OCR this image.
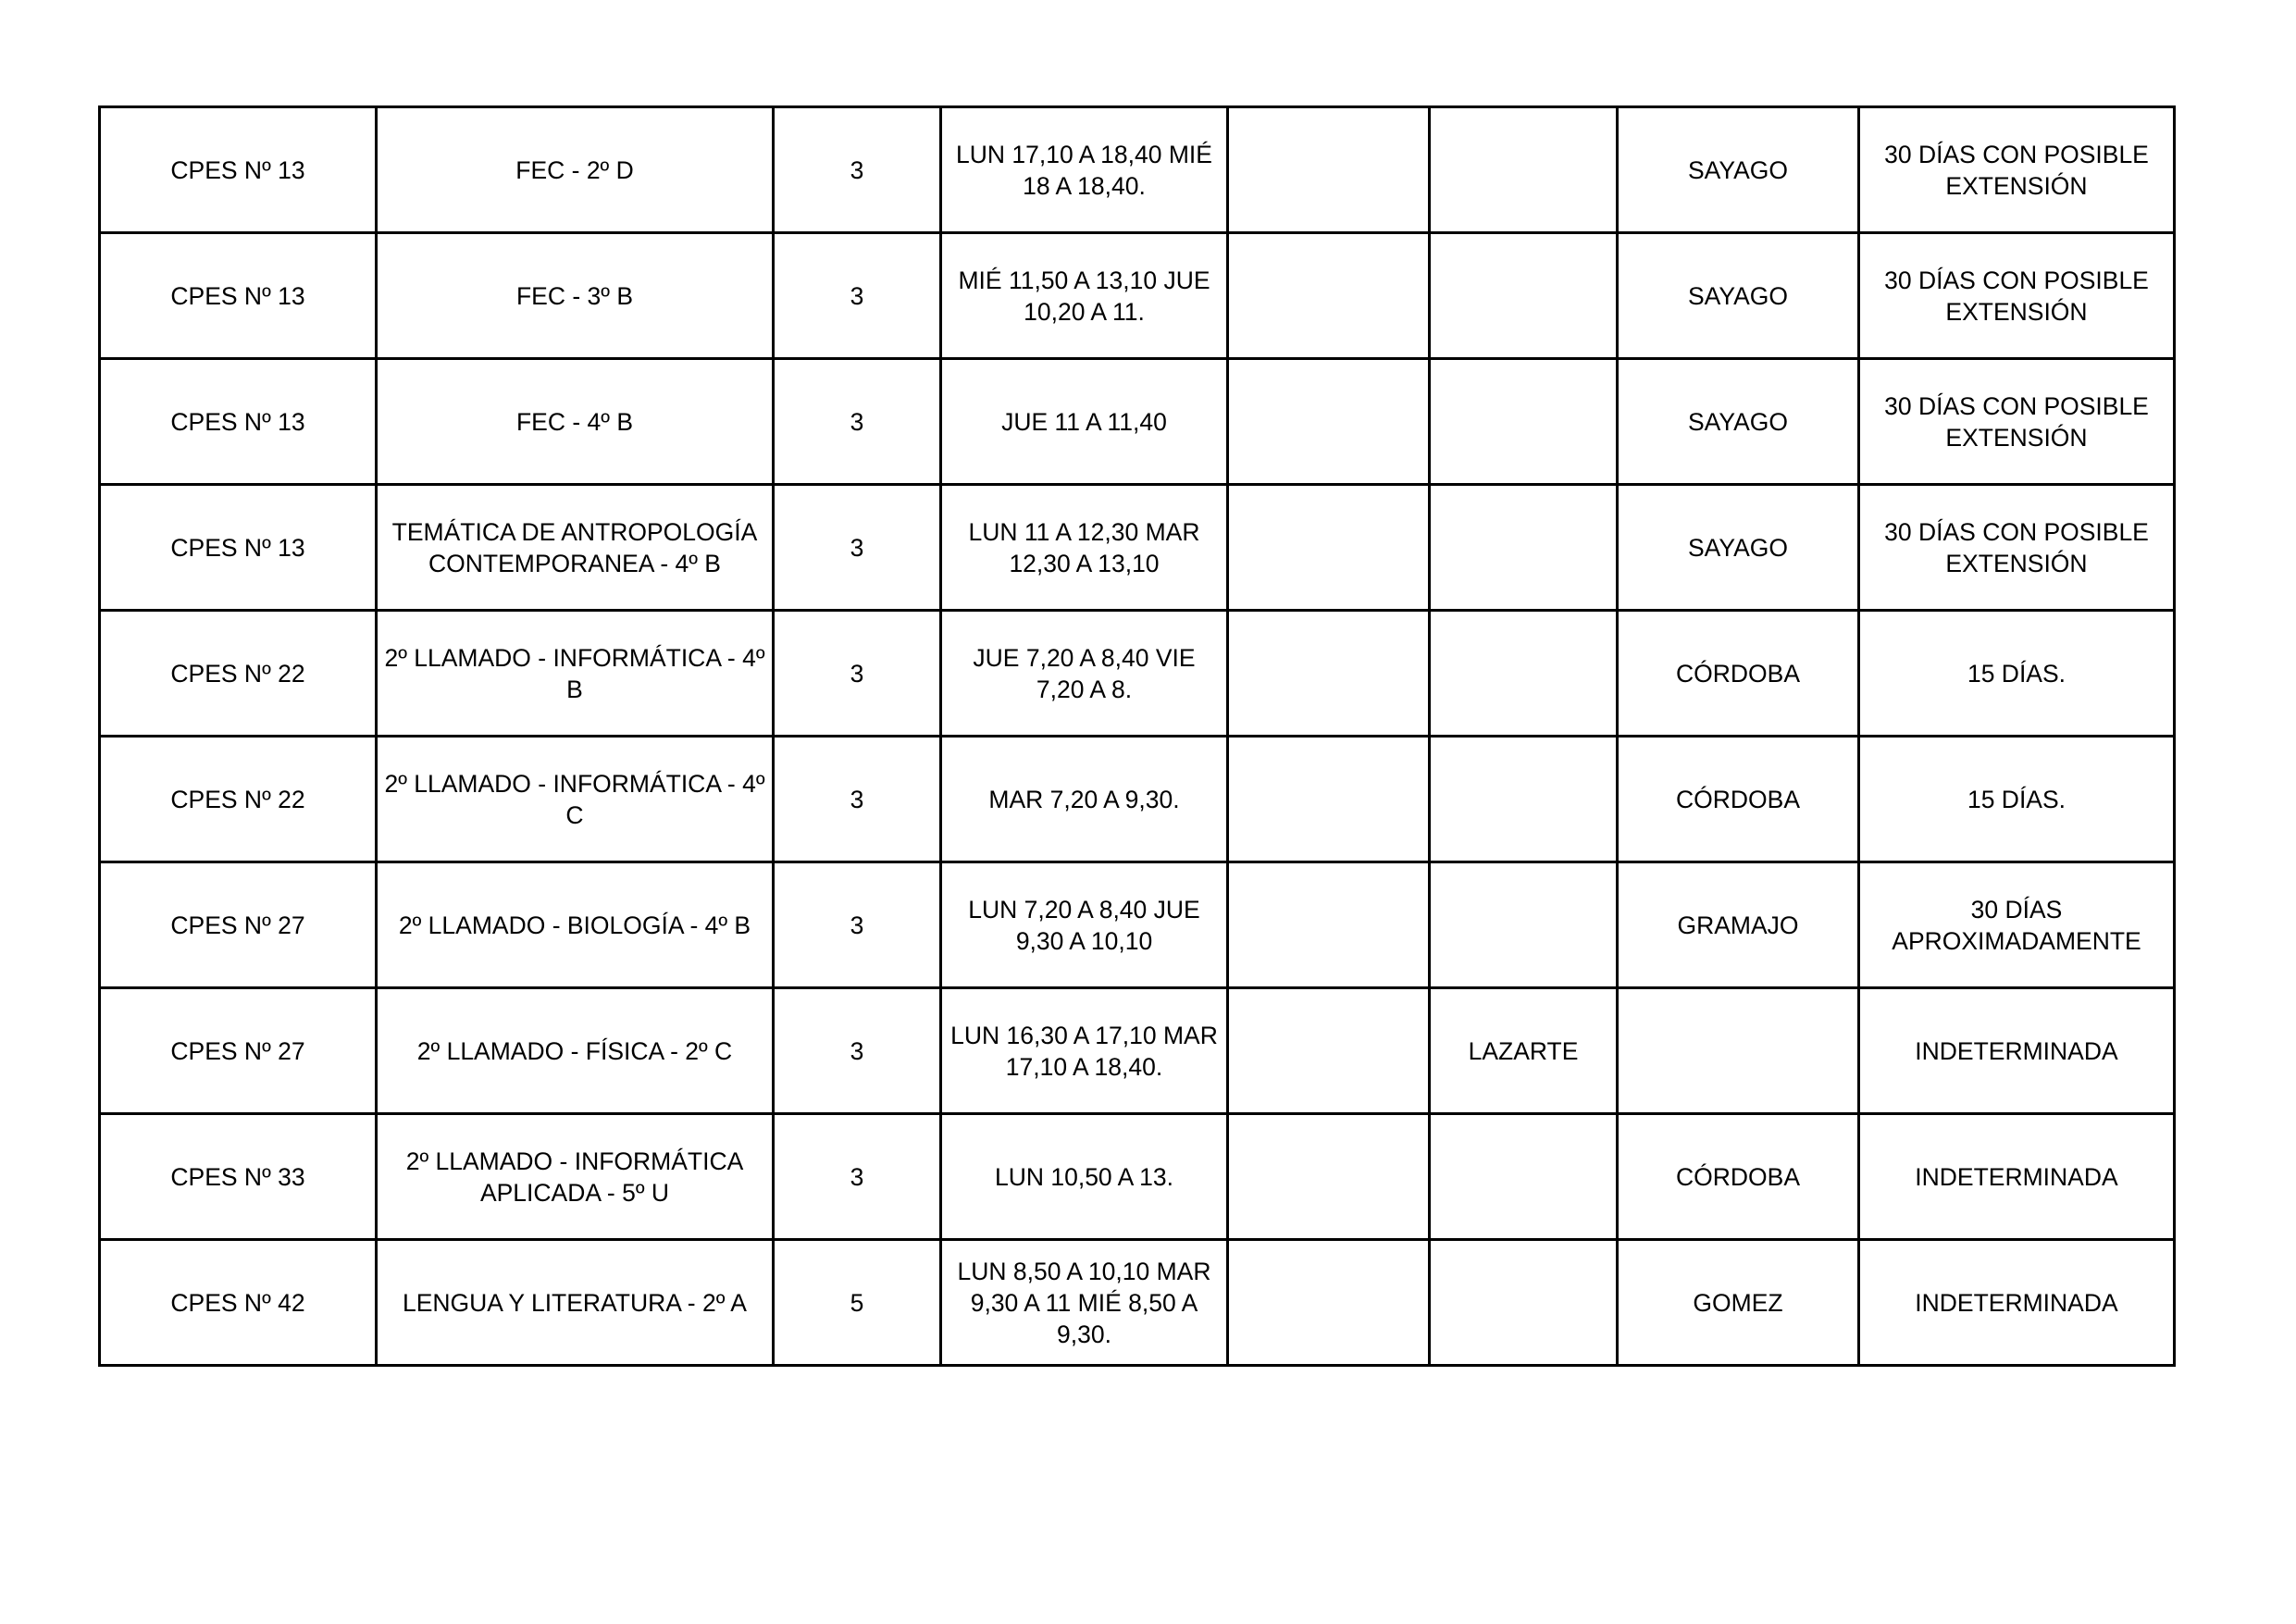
CPES Nº 13	FEC - 2º D	3	LUN 17,10 A 18,40 MIÉ 18 A 18,40.			SAYAGO	30 DÍAS CON POSIBLE EXTENSIÓN
CPES Nº 13	FEC - 3º B	3	MIÉ 11,50 A 13,10 JUE 10,20 A 11.			SAYAGO	30 DÍAS CON POSIBLE EXTENSIÓN
CPES Nº 13	FEC - 4º B	3	JUE 11 A 11,40			SAYAGO	30 DÍAS CON POSIBLE EXTENSIÓN
CPES Nº 13	TEMÁTICA DE ANTROPOLOGÍA CONTEMPORANEA - 4º B	3	LUN 11 A 12,30 MAR 12,30 A 13,10			SAYAGO	30 DÍAS CON POSIBLE EXTENSIÓN
CPES Nº 22	2º LLAMADO - INFORMÁTICA - 4º B	3	JUE 7,20 A 8,40 VIE 7,20 A 8.			CÓRDOBA	15 DÍAS.
CPES Nº 22	2º LLAMADO - INFORMÁTICA - 4º C	3	MAR 7,20 A 9,30.			CÓRDOBA	15 DÍAS.
CPES Nº 27	2º LLAMADO - BIOLOGÍA - 4º B	3	LUN 7,20 A 8,40 JUE 9,30 A 10,10			GRAMAJO	30 DÍAS APROXIMADAMENTE
CPES Nº 27	2º LLAMADO - FÍSICA - 2º C	3	LUN 16,30 A 17,10 MAR 17,10 A 18,40.		LAZARTE		INDETERMINADA
CPES Nº 33	2º LLAMADO - INFORMÁTICA APLICADA - 5º U	3	LUN 10,50 A 13.			CÓRDOBA	INDETERMINADA
CPES Nº 42	LENGUA Y LITERATURA - 2º A	5	LUN 8,50 A 10,10 MAR 9,30 A 11 MIÉ 8,50 A 9,30.			GOMEZ	INDETERMINADA
